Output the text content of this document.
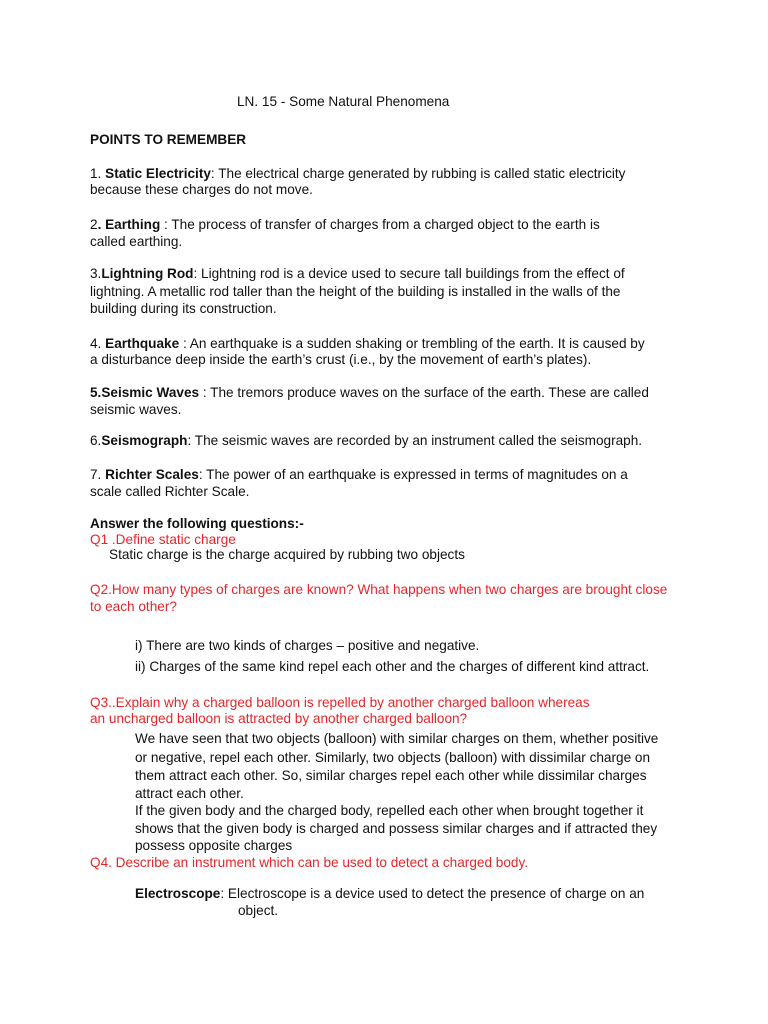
LN. 15 - Some Natural Phenomena
POINTS TO REMEMBER
1. Static Electricity: The electrical charge generated by rubbing is called static electricity
because these charges do not move.
2. Earthing : The process of transfer of charges from a charged object to the earth is
called earthing.
3.Lightning Rod: Lightning rod is a device used to secure tall buildings from the effect of
lightning. A metallic rod taller than the height of the building is installed in the walls of the
building during its construction.
4. Earthquake : An earthquake is a sudden shaking or trembling of the earth. It is caused by
a disturbance deep inside the earth’s crust (i.e., by the movement of earth’s plates).
5.Seismic Waves : The tremors produce waves on the surface of the earth. These are called
seismic waves.
6.Seismograph: The seismic waves are recorded by an instrument called the seismograph.
7. Richter Scales: The power of an earthquake is expressed in terms of magnitudes on a
scale called Richter Scale.
Answer the following questions:-
Q1 .Define static charge
Static charge is the charge acquired by rubbing two objects
Q2.How many types of charges are known? What happens when two charges are brought close
to each other?
i) There are two kinds of charges – positive and negative.
ii) Charges of the same kind repel each other and the charges of different kind attract.
Q3..Explain why a charged balloon is repelled by another charged balloon whereas
an uncharged balloon is attracted by another charged balloon?
We have seen that two objects (balloon) with similar charges on them, whether positive
or negative, repel each other. Similarly, two objects (balloon) with dissimilar charge on
them attract each other. So, similar charges repel each other while dissimilar charges
attract each other.
If the given body and the charged body, repelled each other when brought together it
shows that the given body is charged and possess similar charges and if attracted they
possess opposite charges
Q4. Describe an instrument which can be used to detect a charged body.
Electroscope: Electroscope is a device used to detect the presence of charge on an
object.
